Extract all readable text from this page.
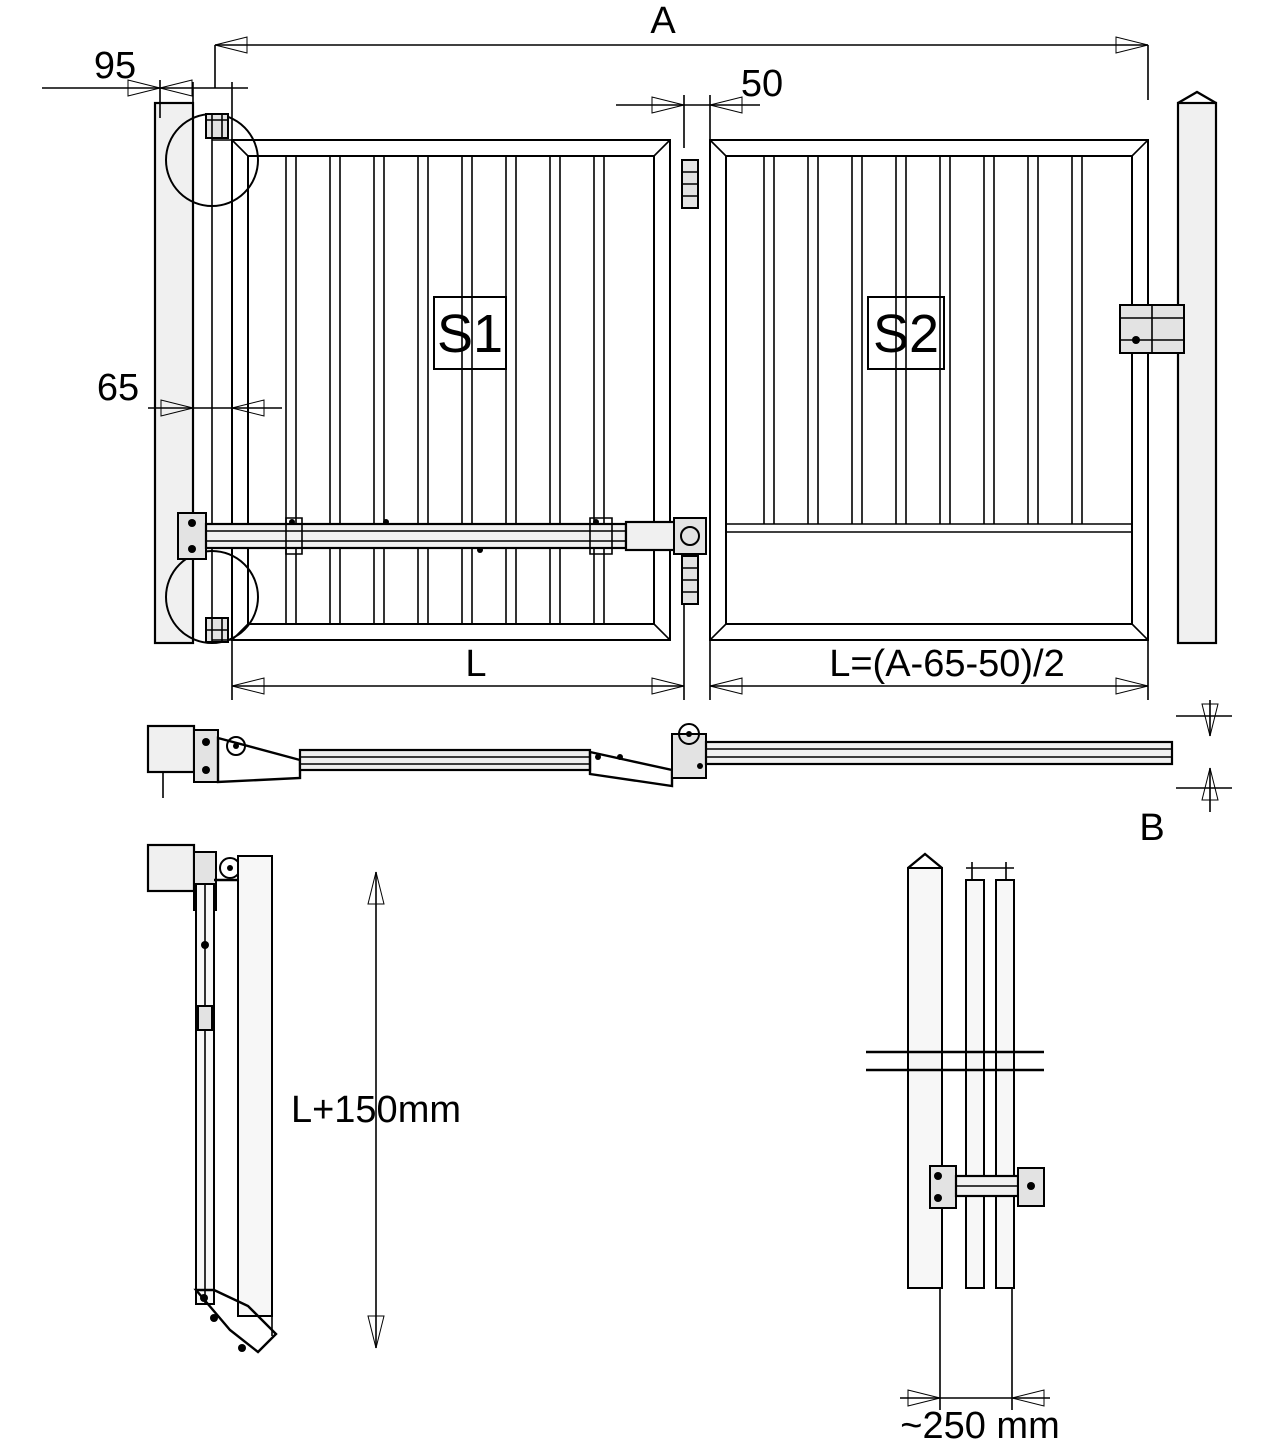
A
95	50
65
L	L=(A-65-50)/2
S1	S2
B
L+150mm
~250 mm
